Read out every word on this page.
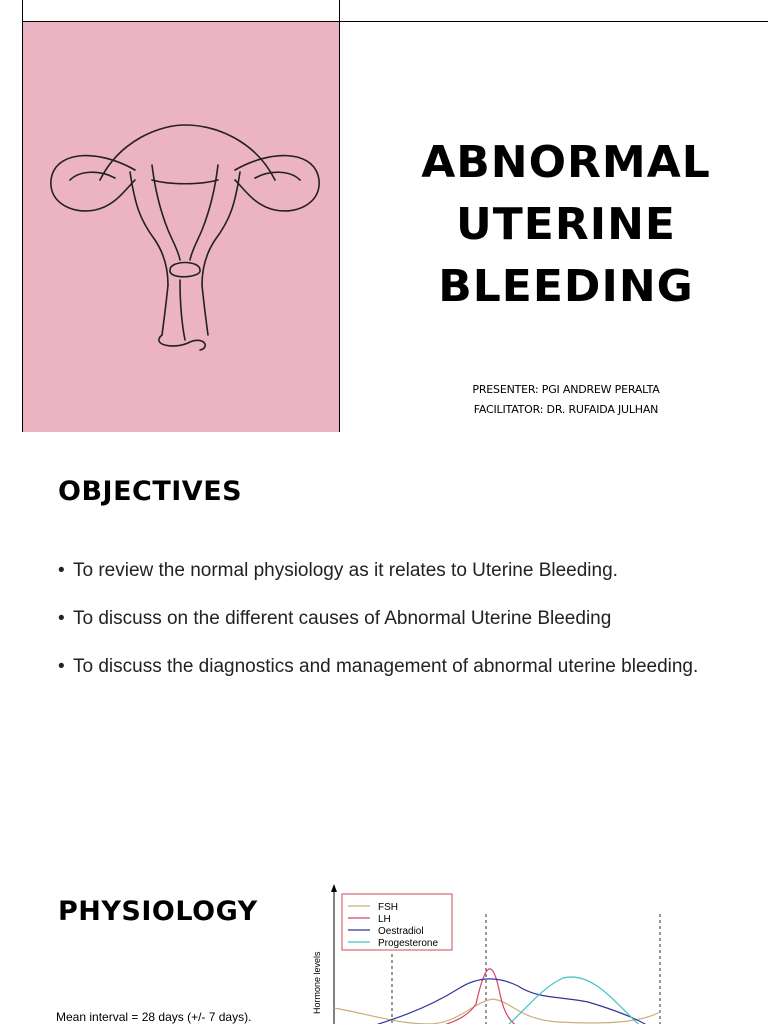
ABNORMAL
UTERINE
BLEEDING
PRESENTER: PGI ANDREW PERALTA
FACILITATOR: DR. RUFAIDA JULHAN
OBJECTIVES
• To review the normal physiology as it relates to Uterine Bleeding.
• To discuss on the different causes of Abnormal Uterine Bleeding
• To discuss the diagnostics and management of abnormal uterine bleeding.
PHYSIOLOGY
Mean interval = 28 days (+/- 7 days).
Hormone levels
FSH
LH
Oestradiol
Progesterone
